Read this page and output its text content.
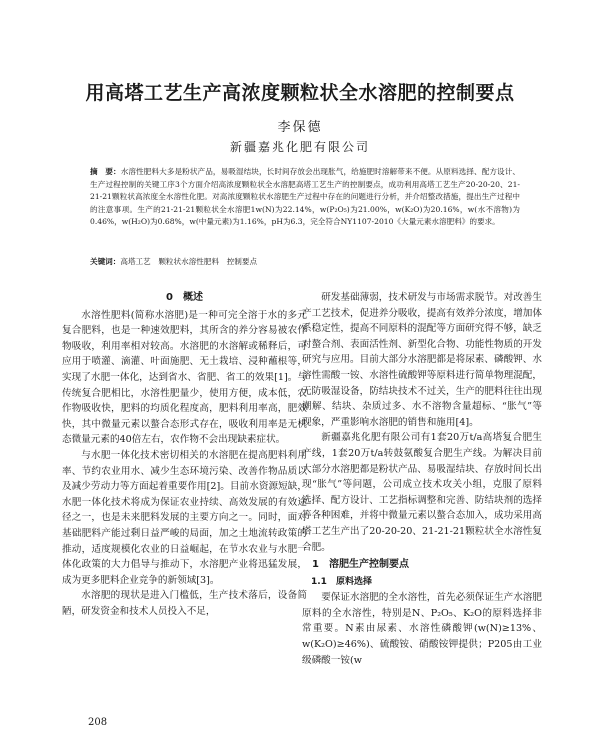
用高塔工艺生产高浓度颗粒状全水溶肥的控制要点
李保德
新疆嘉兆化肥有限公司
摘　要：水溶性肥料大多是粉状产品，易吸湿结块，长时间存放会出现胀气，给施肥时溶解带来不便。从原料选择、配方设计、生产过程控制的关键工序3个方面介绍高浓度颗粒状全水溶肥高塔工艺生产的控制要点，成功利用高塔工艺生产20-20-20、21-21-21颗粒状高浓度全水溶性化肥。对高浓度颗粒状水溶肥生产过程中存在的问题进行分析，并介绍整改措施，提出生产过程中的注意事项。生产的21-21-21颗粒状全水溶肥1w(N)为22.14%，w(P₂O₅)为21.00%，w(K₂O)为20.16%，w(水不溶物)为0.46%，w(H₂O)为0.68%，w(中量元素)为1.16%，pH为6.3，完全符合NY1107-2010《大量元素水溶肥料》的要求。
关键词：高塔工艺　颗粒状水溶性肥料　控制要点
0　概述

水溶性肥料(简称水溶肥)是一种可完全溶于水的多元复合肥料，也是一种速效肥料，其所含的养分容易被农作物吸收，利用率相对较高。水溶肥的水溶解或稀释后，可应用于喷灌、滴灌、叶面施肥、无土栽培、浸种蘸根等，实现了水肥一体化，达到省水、省肥、省工的效果[1]。与传统复合肥相比，水溶性肥量少，使用方便，成本低，农作物吸收快，肥料的均质化程度高，肥料利用率高，肥效快，其中微量元素以螯合态形式存在，吸收利用率是无机态微量元素的40倍左右，农作物不会出现缺素症状。

与水肥一体化技术密切相关的水溶肥在提高肥料利用率、节约农业用水、减少生态环境污染、改善作物品质以及减少劳动力等方面起着重要作用[2]。目前水资源短缺，水肥一体化技术将成为保证农业持续、高效发展的有效途径之一，也是未来肥料发展的主要方向之一。同时，面对基础肥料产能过剩日益严峻的局面，加之土地流转政策的推动，适度规模化农业的日益崛起，在节水农业与水肥一体化政策的大力倡导与推动下，水溶肥产业将迅猛发展，成为更多肥料企业竞争的新领域[3]。

水溶肥的现状是进入门槛低，生产技术落后，设备简陋，研发资金和技术人员投入不足，

研发基础薄弱，技术研发与市场需求脱节。对改善生产工艺技术，促进养分吸收，提高有效养分浓度，增加体系稳定性，提高不同原料的混配等方面研究得不够，缺乏对螯合剂、表面活性剂、新型化合物、功能性物质的开发研究与应用。目前大部分水溶肥都是将尿素、磷酸钾、水溶性需酸一铵、水溶性硫酸钾等原料进行简单物理混配，无防吸湿设备，防结块技术不过关，生产的肥料往往出现潮解、结块、杂质过多、水不溶物含量超标、“胀气”等现象，严重影响水溶肥的销售和施用[4]。

新疆嘉兆化肥有限公司有1套20万t/a高塔复合肥生产线，1套20万t/a转鼓氨酸复合肥生产线。为解决目前大部分水溶肥都是粉状产品、易吸湿结块、存放时间长出现“胀气”等问题，公司成立技术攻关小组，克服了原料选择、配方设计、工艺指标调整和完善、防结块剂的选择等各种困难，并将中微量元素以螯合态加入，成功采用高塔工艺生产出了20-20-20、21-21-21颗粒状全水溶性复合肥。

1　溶肥生产控制要点
1.1　原料选择

要保证水溶肥的全水溶性，首先必须保证生产水溶肥原料的全水溶性，特别是N、P₂O₅、K₂O的原料选择非常重要。N素由尿素、水溶性磷酸钾(w(N)≥13%、w(K₂O)≥46%)、硫酸铵、硝酸铵钾提供；P205由工业级磷酸一铵(w

208
